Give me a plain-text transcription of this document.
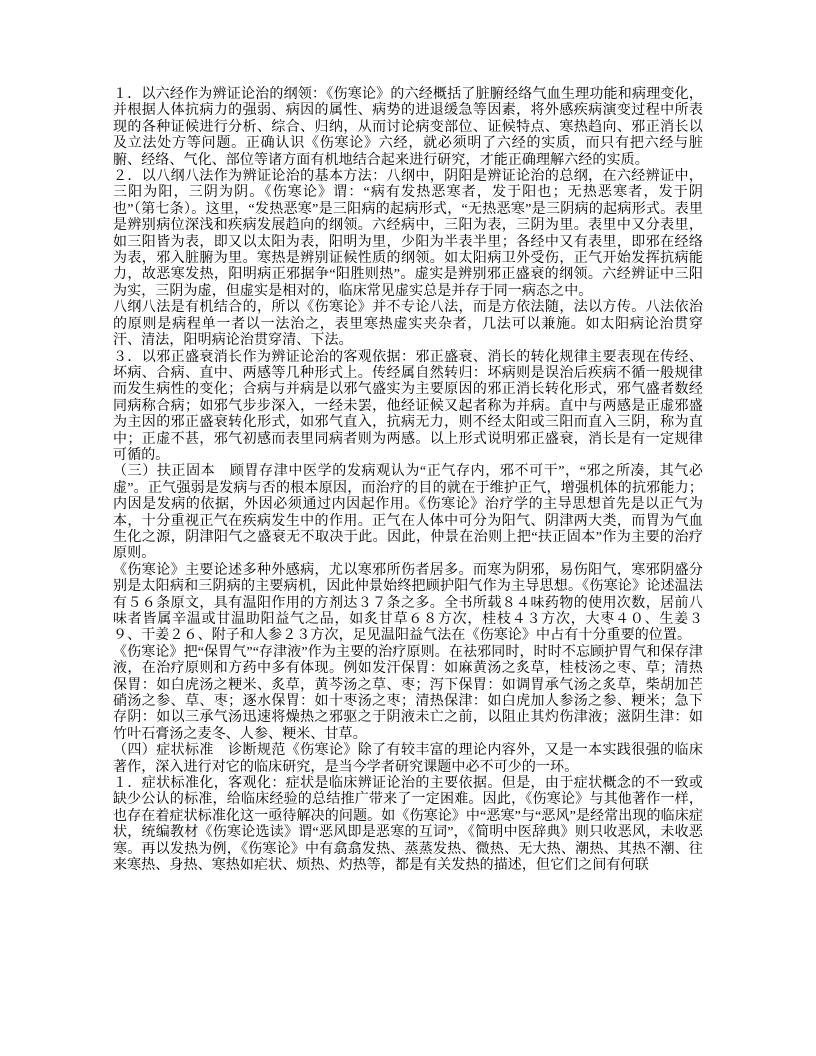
１．以六经作为辨证论治的纲领：《伤寒论》的六经概括了脏腑经络气血生理功能和病理变化，并根据人体抗病力的强弱、病因的属性、病势的进退缓急等因素，将外感疾病演变过程中所表现的各种证候进行分析、综合、归纳，从而讨论病变部位、证候特点、寒热趋向、邪正消长以及立法处方等问题。正确认识《伤寒论》六经，就必须明了六经的实质，而只有把六经与脏腑、经络、气化、部位等诸方面有机地结合起来进行研究，才能正确理解六经的实质。

２．以八纲八法作为辨证论治的基本方法：八纲中，阴阳是辨证论治的总纲，在六经辨证中，三阳为阳，三阴为阴。《伤寒论》谓：“病有发热恶寒者，发于阳也；无热恶寒者，发于阴也”（第七条）。这里，“发热恶寒”是三阳病的起病形式，“无热恶寒”是三阴病的起病形式。表里是辨别病位深浅和疾病发展趋向的纲领。六经病中，三阳为表，三阴为里。表里中又分表里，如三阳皆为表，即又以太阳为表，阳明为里，少阳为半表半里；各经中又有表里，即邪在经络为表，邪入脏腑为里。寒热是辨别证候性质的纲领。如太阳病卫外受伤，正气开始发挥抗病能力，故恶寒发热，阳明病正邪据争“阳胜则热”。虚实是辨别邪正盛衰的纲领。六经辨证中三阳为实，三阴为虚，但虚实是相对的，临床常见虚实总是并存于同一病态之中。

八纲八法是有机结合的，所以《伤寒论》并不专论八法，而是方依法随，法以方传。八法依治的原则是病程单一者以一法治之，表里寒热虚实夹杂者，几法可以兼施。如太阳病论治贯穿汗、清法，阳明病论治贯穿清、下法。

３．以邪正盛衰消长作为辨证论治的客观依据：邪正盛衰、消长的转化规律主要表现在传经、坏病、合病、直中、两感等几种形式上。传经属自然转归：坏病则是误治后疾病不循一般规律而发生病性的变化；合病与并病是以邪气盛实为主要原因的邪正消长转化形式，邪气盛者数经同病称合病；如邪气步步深入，一经未罢，他经证候又起者称为并病。直中与两感是正虚邪盛为主因的邪正盛衰转化形式，如邪气直入，抗病无力，则不经太阳或三阳而直入三阴，称为直中；正虚不甚，邪气初感而表里同病者则为两感。以上形式说明邪正盛衰，消长是有一定规律可循的。

（三）扶正固本　顾胃存津中医学的发病观认为“正气存内，邪不可干”，“邪之所凑，其气必虚”。正气强弱是发病与否的根本原因，而治疗的目的就在于维护正气，增强机体的抗邪能力；内因是发病的依据，外因必须通过内因起作用。《伤寒论》治疗学的主导思想首先是以正气为本，十分重视正气在疾病发生中的作用。正气在人体中可分为阳气、阴津两大类，而胃为气血生化之源，阴津阳气之盛衰无不取决于此。因此，仲景在治则上把“扶正固本”作为主要的治疗原则。

《伤寒论》主要论述多种外感病，尤以寒邪所伤者居多。而寒为阴邪，易伤阳气，寒邪阴盛分别是太阳病和三阴病的主要病机，因此仲景始终把顾护阳气作为主导思想。《伤寒论》论述温法有５６条原文，具有温阳作用的方剂达３７条之多。全书所载８４味药物的使用次数，居前八味者皆属辛温或甘温助阳益气之品，如炙甘草６８方次，桂枝４３方次，大枣４０、生姜３９、干姜２６、附子和人参２３方次，足见温阳益气法在《伤寒论》中占有十分重要的位置。

《伤寒论》把“保胃气”“存津液”作为主要的治疗原则。在祛邪同时，时时不忘顾护胃气和保存津液，在治疗原则和方药中多有体现。例如发汗保胃：如麻黄汤之炙草，桂枝汤之枣、草；清热保胃：如白虎汤之粳米、炙草，黄芩汤之草、枣；泻下保胃：如调胃承气汤之炙草，柴胡加芒硝汤之参、草、枣；逐水保胃：如十枣汤之枣；清热保津：如白虎加人参汤之参、粳米；急下存阴：如以三承气汤迅速将燥热之邪驱之于阴液未亡之前，以阻止其灼伤津液；滋阴生津：如竹叶石膏汤之麦冬、人参、粳米、甘草。

（四）症状标准　诊断规范《伤寒论》除了有较丰富的理论内容外，又是一本实践很强的临床著作，深入进行对它的临床研究，是当今学者研究课题中必不可少的一环。

１．症状标准化，客观化：症状是临床辨证论治的主要依据。但是，由于症状概念的不一致或缺少公认的标准，给临床经验的总结推广带来了一定困难。因此，《伤寒论》与其他著作一样，也存在着症状标准化这一亟待解决的问题。如《伤寒论》中“恶寒”与“恶风”是经常出现的临床症状，统编教材《伤寒论选读》谓“恶风即是恶寒的互词”，《简明中医辞典》则只收恶风，未收恶寒。再以发热为例，《伤寒论》中有翕翕发热、蒸蒸发热、微热、无大热、潮热、其热不潮、往来寒热、身热、寒热如疟状、烦热、灼热等，都是有关发热的描述，但它们之间有何联
